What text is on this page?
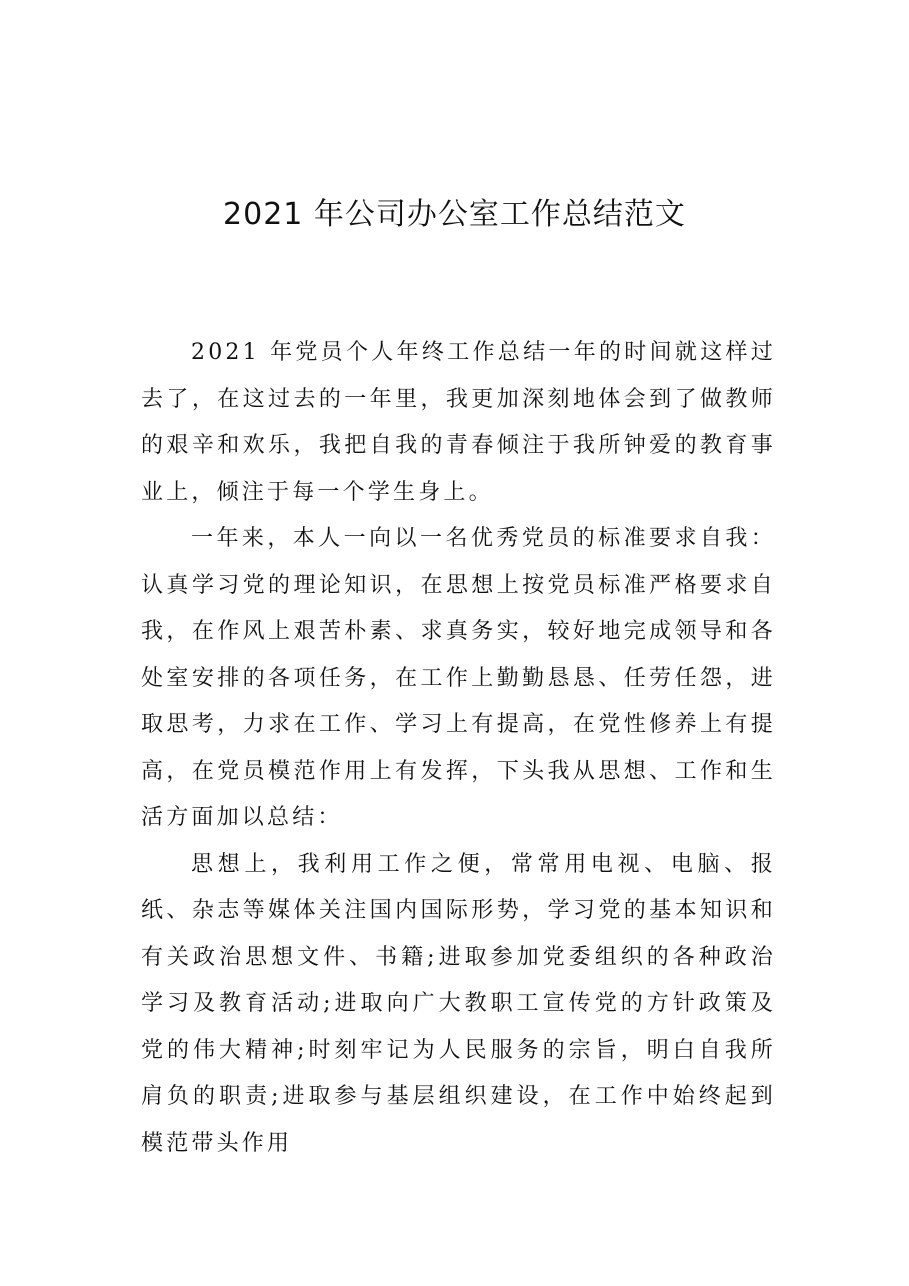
2021 年公司办公室工作总结范文

2021 年党员个人年终工作总结一年的时间就这样过去了，在这过去的一年里，我更加深刻地体会到了做教师的艰辛和欢乐，我把自我的青春倾注于我所钟爱的教育事业上，倾注于每一个学生身上。

一年来，本人一向以一名优秀党员的标准要求自我：认真学习党的理论知识，在思想上按党员标准严格要求自我，在作风上艰苦朴素、求真务实，较好地完成领导和各处室安排的各项任务，在工作上勤勤恳恳、任劳任怨，进取思考，力求在工作、学习上有提高，在党性修养上有提高，在党员模范作用上有发挥，下头我从思想、工作和生活方面加以总结：

思想上，我利用工作之便，常常用电视、电脑、报纸、杂志等媒体关注国内国际形势，学习党的基本知识和有关政治思想文件、书籍;进取参加党委组织的各种政治学习及教育活动;进取向广大教职工宣传党的方针政策及党的伟大精神;时刻牢记为人民服务的宗旨，明白自我所肩负的职责;进取参与基层组织建设，在工作中始终起到模范带头作用
